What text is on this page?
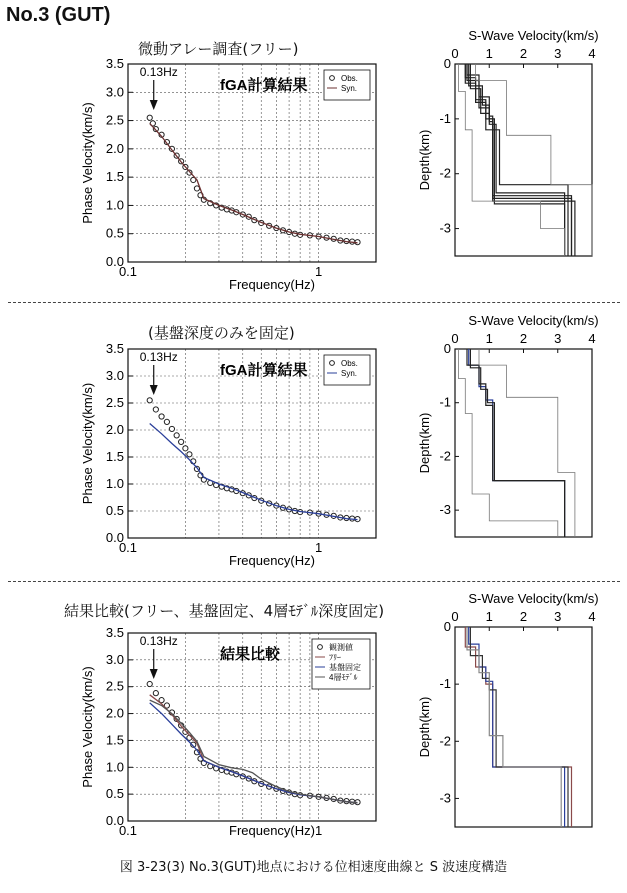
No.3 (GUT)
微動アレー調査(フリー)
(基盤深度のみを固定)
結果比較(フリー、基盤固定、4層ﾓﾃﾞﾙ深度固定)
図 3-23(3) No.3(GUT)地点における位相速度曲線と S 波速度構造
0.0
0.5
1.0
1.5
2.0
2.5
3.0
3.5
0.1	1
Frequency(Hz)
Phase Velocity(km/s)
0.13Hz
fGA計算結果	Obs.
Syn.
S-Wave Velocity(km/s)
0 1 2 3 4
0
-1
-2
-3
Depth(km)
0.0
0.5
1.0
1.5
2.0
2.5
3.0
3.5
0.1	1
Frequency(Hz)
Phase Velocity(km/s)
0.13Hz
fGA計算結果	Obs.
Syn.
S-Wave Velocity(km/s)
0 1 2 3 4
0
-1
-2
-3
Depth(km)
0.0
0.5
1.0
1.5
2.0
2.5
3.0
3.5
0.1	1
Frequency(Hz)
Phase Velocity(km/s)
0.13Hz
結果比較	観測値
ﾌﾘｰ
基盤固定
4層ﾓﾃﾞﾙ
S-Wave Velocity(km/s)
0 1 2 3 4
0
-1
-2
-3
Depth(km)
